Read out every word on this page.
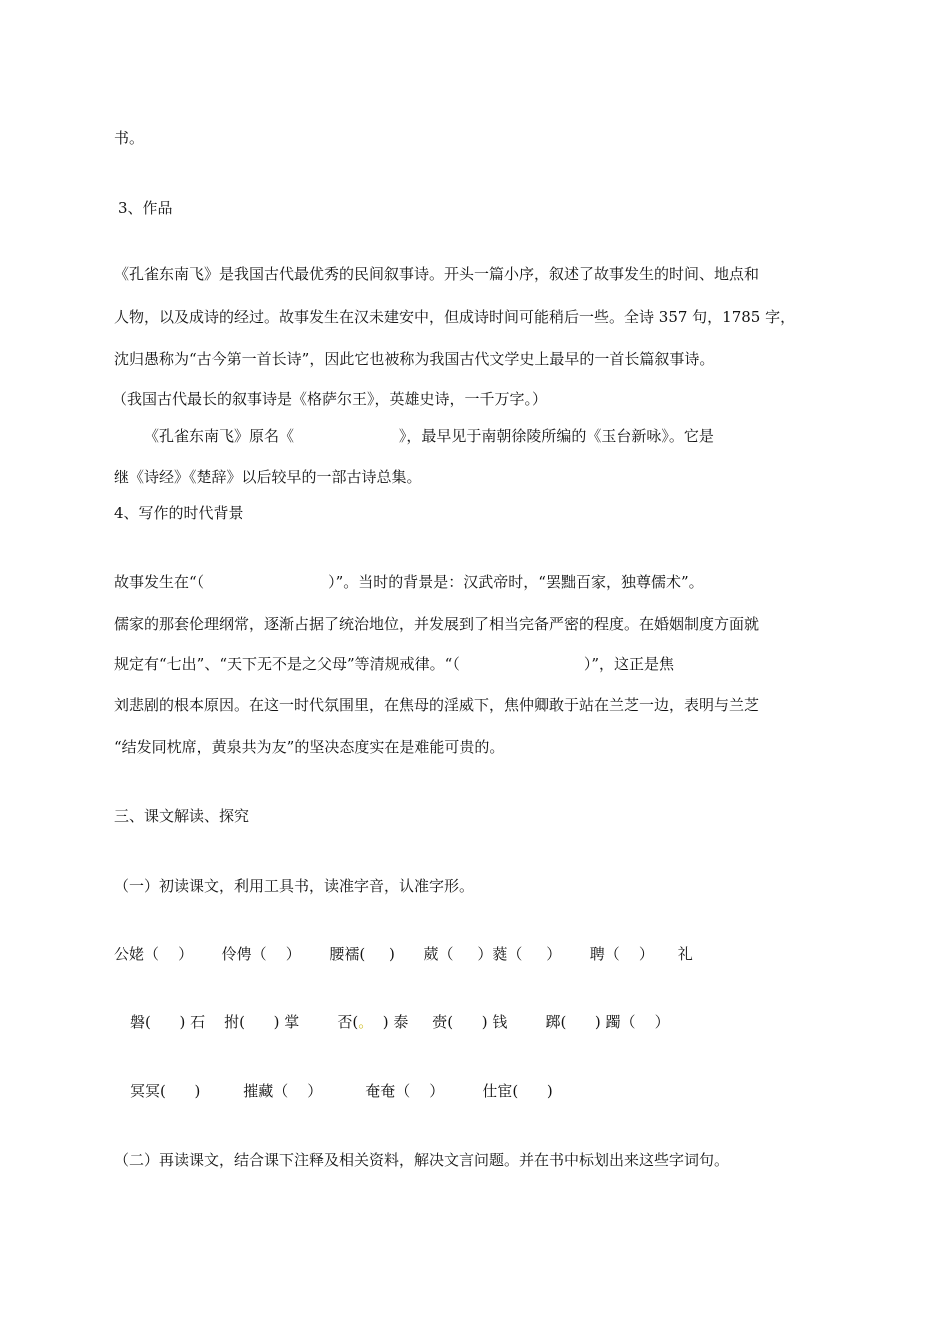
书。
3、作品
《孔雀东南飞》是我国古代最优秀的民间叙事诗。开头一篇小序，叙述了故事发生的时间、地点和
人物，以及成诗的经过。故事发生在汉未建安中，但成诗时间可能稍后一些。全诗 357 句，1785 字，
沈归愚称为“古今第一首长诗”，因此它也被称为我国古代文学史上最早的一首长篇叙事诗。
（我国古代最长的叙事诗是《格萨尔王》，英雄史诗，一千万字。）
《孔雀东南飞》原名《                      》，最早见于南朝徐陵所编的《玉台新咏》。它是
继《诗经》《楚辞》以后较早的一部古诗总集。
4、写作的时代背景
故事发生在“（                          ）”。当时的背景是：汉武帝时，“罢黜百家，独尊儒术”。
儒家的那套伦理纲常，逐渐占据了统治地位，并发展到了相当完备严密的程度。在婚姻制度方面就
规定有“七出”、“天下无不是之父母”等清规戒律。“（                          ）”，这正是焦
刘悲剧的根本原因。在这一时代氛围里，在焦母的淫威下，焦仲卿敢于站在兰芝一边，表明与兰芝
“结发同枕席，黄泉共为友”的坚决态度实在是难能可贵的。
三、课文解读、探究
（一）初读课文，利用工具书，读准字音，认准字形。
公姥（    ）      伶俜（    ）      腰襦(     )      葳（     ）蕤（     ）      聘（    ）     礼
磐(      ) 石    拊(      ) 掌        否(。  ) 泰     赍(      ) 钱        踯(      ) 躅（    ）
冥冥(      )         摧藏（    ）         奄奄（    ）        仕宦(      )
（二）再读课文，结合课下注释及相关资料，解决文言问题。并在书中标划出来这些字词句。
